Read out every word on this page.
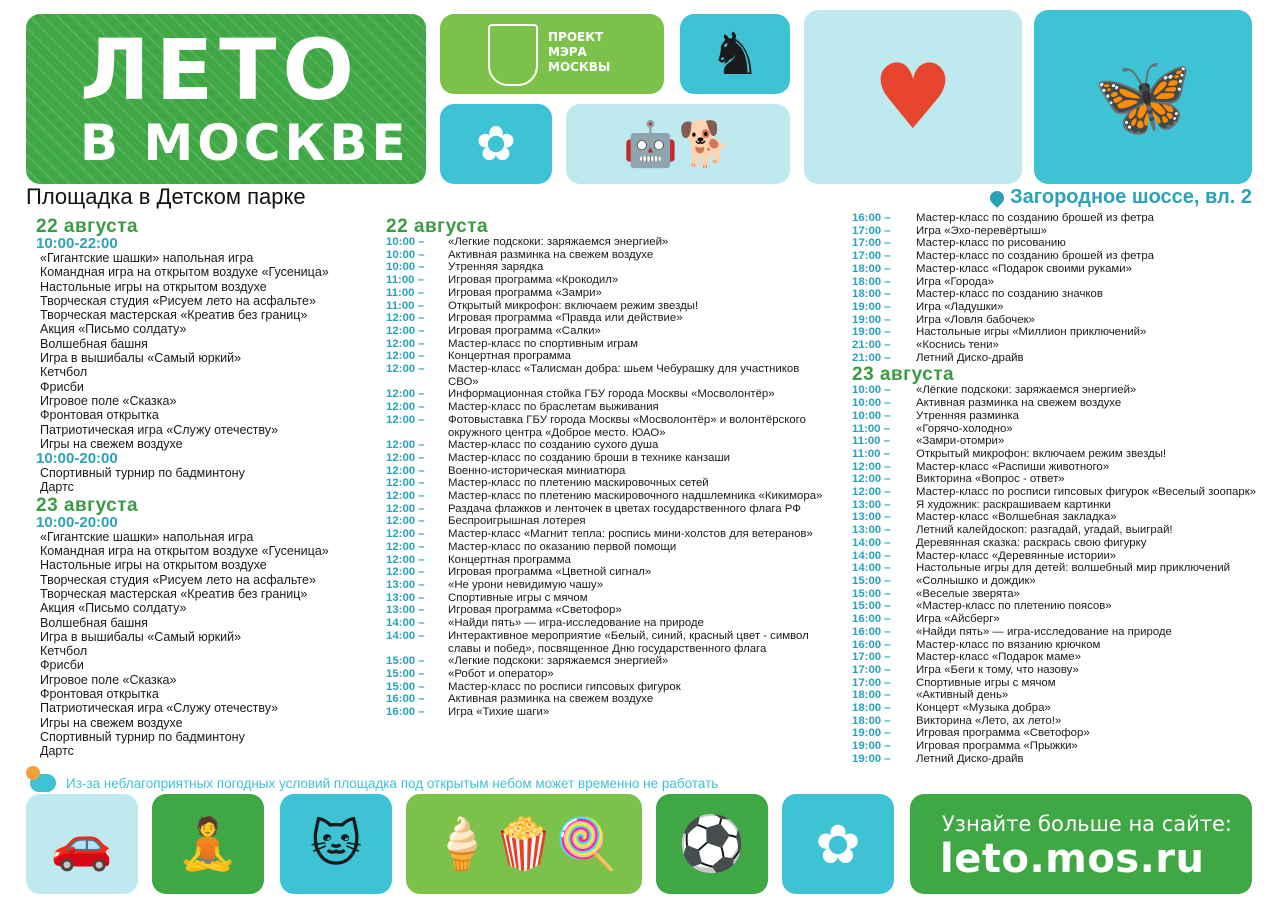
ЛЕТО
В МОСКВЕ
ПРОЕКТ
МЭРА
МОСКВЫ	♞
✿	🤖🐕	♥	🦋
Площадка в Детском парке	Загородное шоссе, вл. 2
22 августа
10:00-22:00
«Гигантские шашки» напольная игра
Командная игра на открытом воздухе «Гусеница»
Настольные игры на открытом воздухе
Творческая студия «Рисуем лето на асфальте»
Творческая мастерская «Креатив без границ»
Акция «Письмо солдату»
Волшебная башня
Игра в вышибалы «Самый юркий»
Кетчбол
Фрисби
Игровое поле «Сказка»
Фронтовая открытка
Патриотическая игра «Служу отечеству»
Игры на свежем воздухе
10:00-20:00
Спортивный турнир по бадминтону
Дартс
23 августа
10:00-20:00
«Гигантские шашки» напольная игра
Командная игра на открытом воздухе «Гусеница»
Настольные игры на открытом воздухе
Творческая студия «Рисуем лето на асфальте»
Творческая мастерская «Креатив без границ»
Акция «Письмо солдату»
Волшебная башня
Игра в вышибалы «Самый юркий»
Кетчбол
Фрисби
Игровое поле «Сказка»
Фронтовая открытка
Патриотическая игра «Служу отечеству»
Игры на свежем воздухе
Спортивный турнир по бадминтону
Дартс
22 августа
10:00 –	«Легкие подскоки: заряжаемся энергией»
10:00 –	Активная разминка на свежем воздухе
10:00 –	Утренняя зарядка
11:00 –	Игровая программа «Крокодил»
11:00 –	Игровая программа «Замри»
11:00 –	Открытый микрофон: включаем режим звезды!
12:00 –	Игровая программа «Правда или действие»
12:00 –	Игровая программа «Салки»
12:00 –	Мастер-класс по спортивным играм
12:00 –	Концертная программа
12:00 –	Мастер-класс «Талисман добра: шьем Чебурашку для участников СВО»
12:00 –	Информационная стойка ГБУ города Москвы «Мосволонтёр»
12:00 –	Мастер-класс по браслетам выживания
12:00 –	Фотовыставка ГБУ города Москвы «Мосволонтёр» и волонтёрского окружного центра «Доброе место. ЮАО»
12:00 –	Мастер-класс по созданию сухого душа
12:00 –	Мастер-класс по созданию броши в технике канзаши
12:00 –	Военно-историческая миниатюра
12:00 –	Мастер-класс по плетению маскировочных сетей
12:00 –	Мастер-класс по плетению маскировочного надшлемника «Кикимора»
12:00 –	Раздача флажков и ленточек в цветах государственного флага РФ
12:00 –	Беспроигрышная лотерея
12:00 –	Мастер-класс «Магнит тепла: роспись мини-холстов для ветеранов»
12:00 –	Мастер-класс по оказанию первой помощи
12:00 –	Концертная программа
12:00 –	Игровая программа «Цветной сигнал»
13:00 –	«Не урони невидимую чашу»
13:00 –	Спортивные игры с мячом
13:00 –	Игровая программа «Светофор»
14:00 –	«Найди пять» — игра-исследование на природе
14:00 –	Интерактивное мероприятие «Белый, синий, красный цвет - символ славы и побед», посвященное Дню государственного флага
15:00 –	«Легкие подскоки: заряжаемся энергией»
15:00 –	«Робот и оператор»
15:00 –	Мастер-класс по росписи гипсовых фигурок
16:00 –	Активная разминка на свежем воздухе
16:00 –	Игра «Тихие шаги»
16:00 –	Мастер-класс по созданию брошей из фетра
17:00 –	Игра «Эхо-перевёртыш»
17:00 –	Мастер-класс по рисованию
17:00 –	Мастер-класс по созданию брошей из фетра
18:00 –	Мастер-класс «Подарок своими руками»
18:00 –	Игра «Города»
18:00 –	Мастер-класс по созданию значков
19:00 –	Игра «Ладушки»
19:00 –	Игра «Ловля бабочек»
19:00 –	Настольные игры «Миллион приключений»
21:00 –	«Коснись тени»
21:00 –	Летний Диско-драйв
23 августа
10:00 –	«Лёгкие подскоки: заряжаемся энергией»
10:00 –	Активная разминка на свежем воздухе
10:00 –	Утренняя разминка
11:00 –	«Горячо-холодно»
11:00 –	«Замри-отомри»
11:00 –	Открытый микрофон: включаем режим звезды!
12:00 –	Мастер-класс «Распиши животного»
12:00 –	Викторина «Вопрос - ответ»
12:00 –	Мастер-класс по росписи гипсовых фигурок «Веселый зоопарк»
13:00 –	Я художник: раскрашиваем картинки
13:00 –	Мастер-класс «Волшебная закладка»
13:00 –	Летний калейдоскоп: разгадай, угадай, выиграй!
14:00 –	Деревянная сказка: раскрась свою фигурку
14:00 –	Мастер-класс «Деревянные истории»
14:00 –	Настольные игры для детей: волшебный мир приключений
15:00 –	«Солнышко и дождик»
15:00 –	«Веселые зверята»
15:00 –	«Мастер-класс по плетению поясов»
16:00 –	Игра «Айсберг»
16:00 –	«Найди пять» — игра-исследование на природе
16:00 –	Мастер-класс по вязанию крючком
17:00 –	Мастер-класс «Подарок маме»
17:00 –	Игра «Беги к тому, что назову»
17:00 –	Спортивные игры с мячом
18:00 –	«Активный день»
18:00 –	Концерт «Музыка добра»
18:00 –	Викторина «Лето, ах лето!»
19:00 –	Игровая программа «Светофор»
19:00 –	Игровая программа «Прыжки»
19:00 –	Летний Диско-драйв
Из-за неблагоприятных погодных условий площадка под открытым небом может временно не работать
🚗	🧘	🐱	🍦🍿🍭	⚽	✿	Узнайте больше на сайте:
leto.mos.ru
